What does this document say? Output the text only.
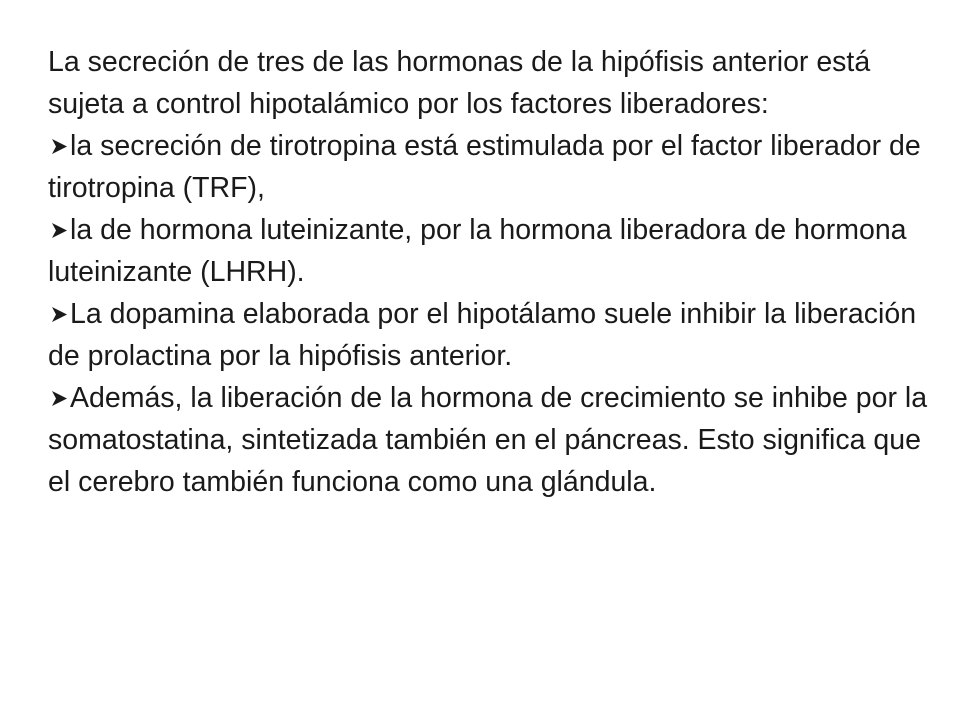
La secreción de tres de las hormonas de la hipófisis anterior está sujeta a control hipotalámico por los factores liberadores:

la secreción de tirotropina está estimulada por el factor liberador de tirotropina (TRF),

la de hormona luteinizante, por la hormona liberadora de hormona luteinizante (LHRH).

La dopamina elaborada por el hipotálamo suele inhibir la liberación de prolactina por la hipófisis anterior.

Además, la liberación de la hormona de crecimiento se inhibe por la somatostatina, sintetizada también en el páncreas. Esto significa que el cerebro también funciona como una glándula.
